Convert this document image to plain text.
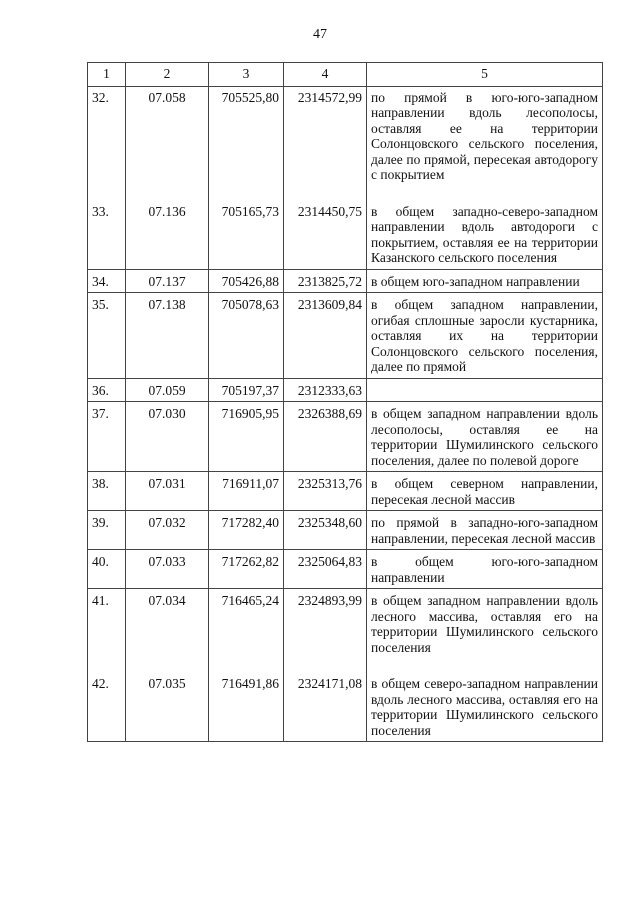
47
1	2	3	4	5
32.	07.058	705525,80	2314572,99	по прямой в юго-юго-западном направлении вдоль лесополосы, оставляя ее на территории Солонцовского сельского поселения, далее по прямой, пересекая автодорогу с покрытием
33.	07.136	705165,73	2314450,75	в общем западно-северо-западном направлении вдоль автодороги с покрытием, оставляя ее на территории Казанского сельского поселения
34.	07.137	705426,88	2313825,72	в общем юго-западном направлении
35.	07.138	705078,63	2313609,84	в общем западном направлении, огибая сплошные заросли кустарника, оставляя их на территории Солонцовского сельского поселения, далее по прямой
36.	07.059	705197,37	2312333,63	
37.	07.030	716905,95	2326388,69	в общем западном направлении вдоль лесополосы, оставляя ее на территории Шумилинского сельского поселения, далее по полевой дороге
38.	07.031	716911,07	2325313,76	в общем северном направлении, пересекая лесной массив
39.	07.032	717282,40	2325348,60	по прямой в западно-юго-западном направлении, пересекая лесной массив
40.	07.033	717262,82	2325064,83	в общем юго-юго-западном направлении
41.	07.034	716465,24	2324893,99	в общем западном направлении вдоль лесного массива, оставляя его на территории Шумилинского сельского поселения
42.	07.035	716491,86	2324171,08	в общем северо-западном направлении вдоль лесного массива, оставляя его на территории Шумилинского сельского поселения
